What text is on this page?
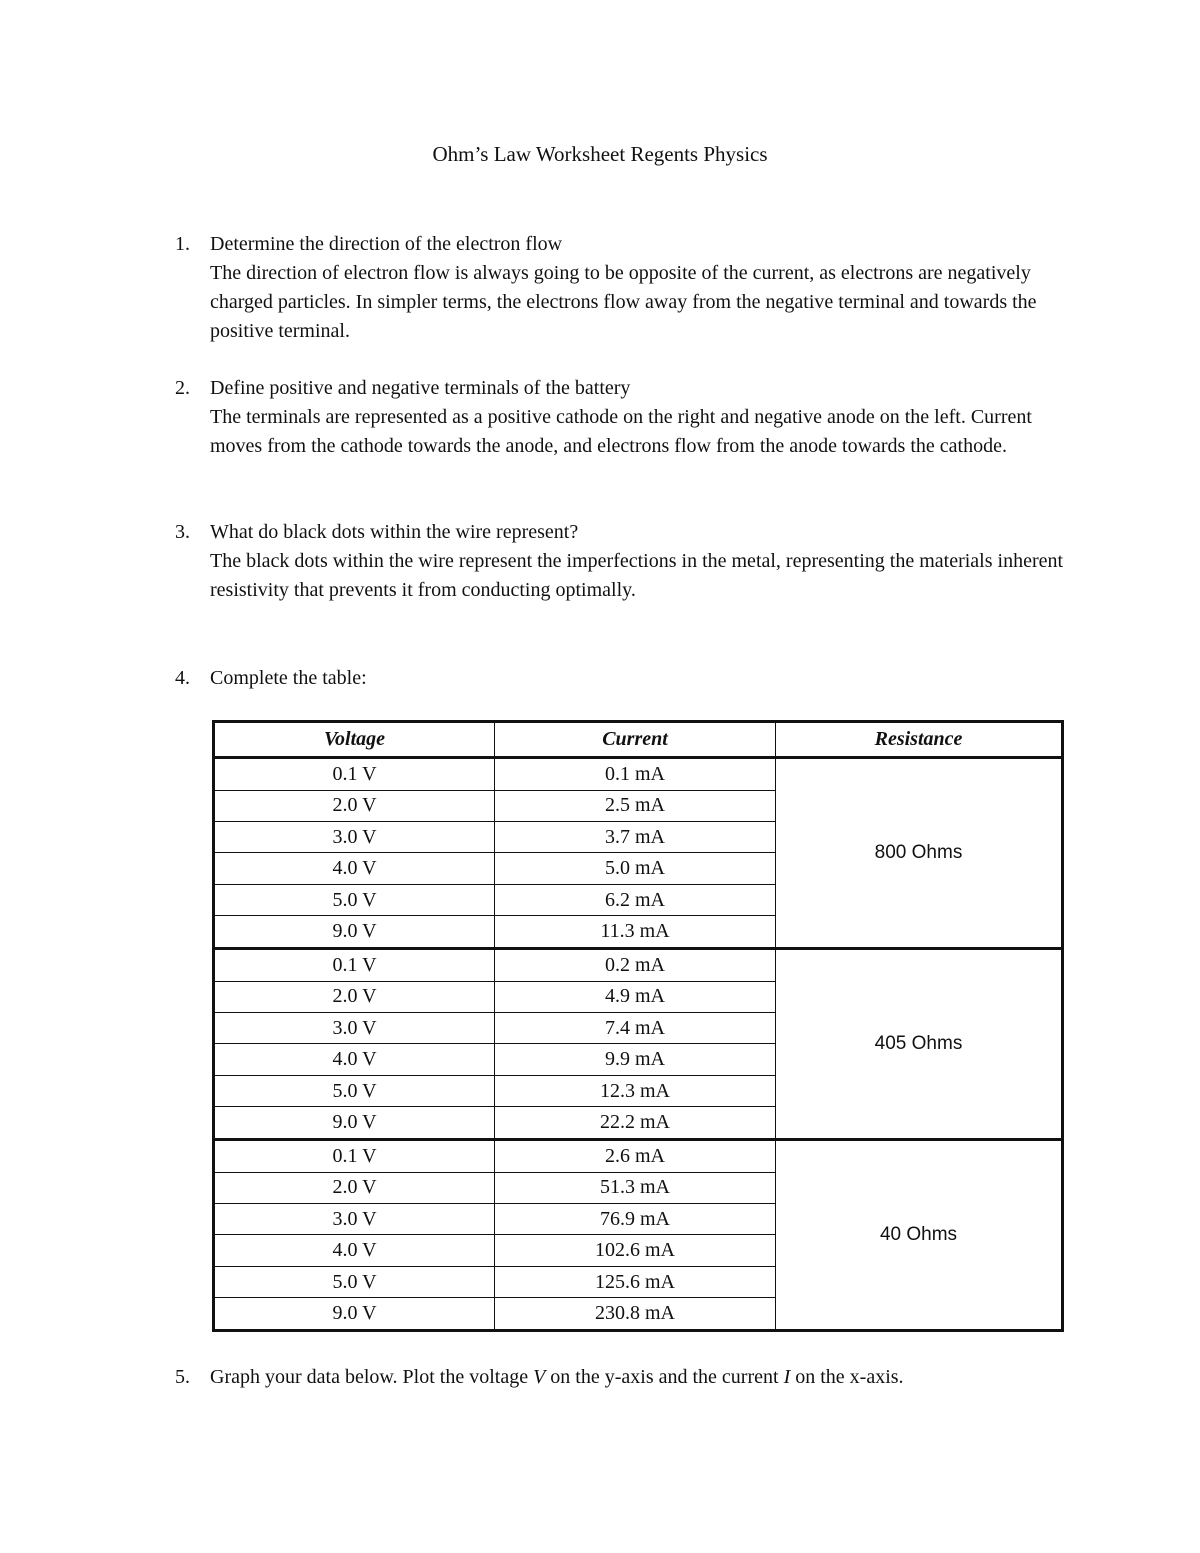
Ohm’s Law Worksheet Regents Physics
1. Determine the direction of the electron flow
The direction of electron flow is always going to be opposite of the current, as electrons are negatively charged particles. In simpler terms, the electrons flow away from the negative terminal and towards the positive terminal.
2. Define positive and negative terminals of the battery
The terminals are represented as a positive cathode on the right and negative anode on the left. Current moves from the cathode towards the anode, and electrons flow from the anode towards the cathode.
3. What do black dots within the wire represent?
The black dots within the wire represent the imperfections in the metal, representing the materials inherent resistivity that prevents it from conducting optimally.
4. Complete the table:
Voltage	Current	Resistance
0.1 V	0.1 mA	800 Ohms
2.0 V	2.5 mA	
3.0 V	3.7 mA	
4.0 V	5.0 mA	
5.0 V	6.2 mA	
9.0 V	11.3 mA	
0.1 V	0.2 mA	405 Ohms
2.0 V	4.9 mA	
3.0 V	7.4 mA	
4.0 V	9.9 mA	
5.0 V	12.3 mA	
9.0 V	22.2 mA	
0.1 V	2.6 mA	40 Ohms
2.0 V	51.3 mA	
3.0 V	76.9 mA	
4.0 V	102.6 mA	
5.0 V	125.6 mA	
9.0 V	230.8 mA	
5. Graph your data below. Plot the voltage V on the y-axis and the current I on the x-axis.
